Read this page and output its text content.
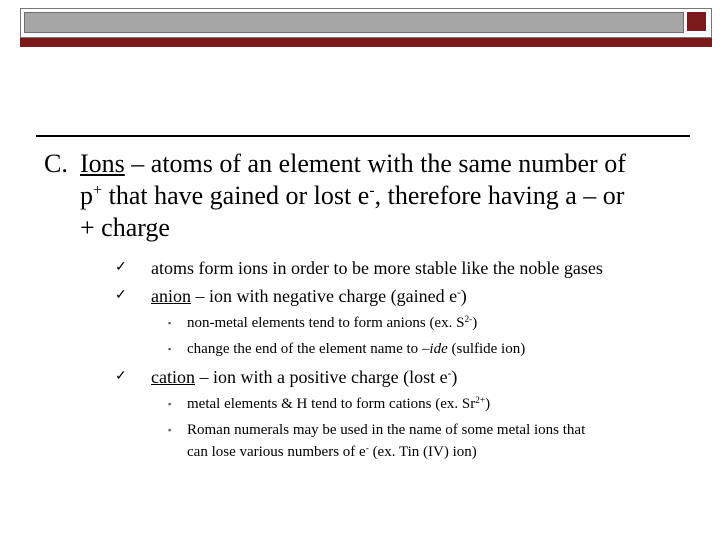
C. Ions – atoms of an element with the same number of
p+ that have gained or lost e-, therefore having a – or
+ charge
✓ atoms form ions in order to be more stable like the noble gases
✓ anion – ion with negative charge (gained e-)
▪ non-metal elements tend to form anions (ex. $S^{2-}$)
▪ change the end of the element name to –ide (sulfide ion)
✓ cation – ion with a positive charge (lost e-)
▪ metal elements & H tend to form cations (ex. $Sr^{2+}$)
▪ Roman numerals may be used in the name of some metal ions that
can lose various numbers of e- (ex. Tin (IV) ion)
